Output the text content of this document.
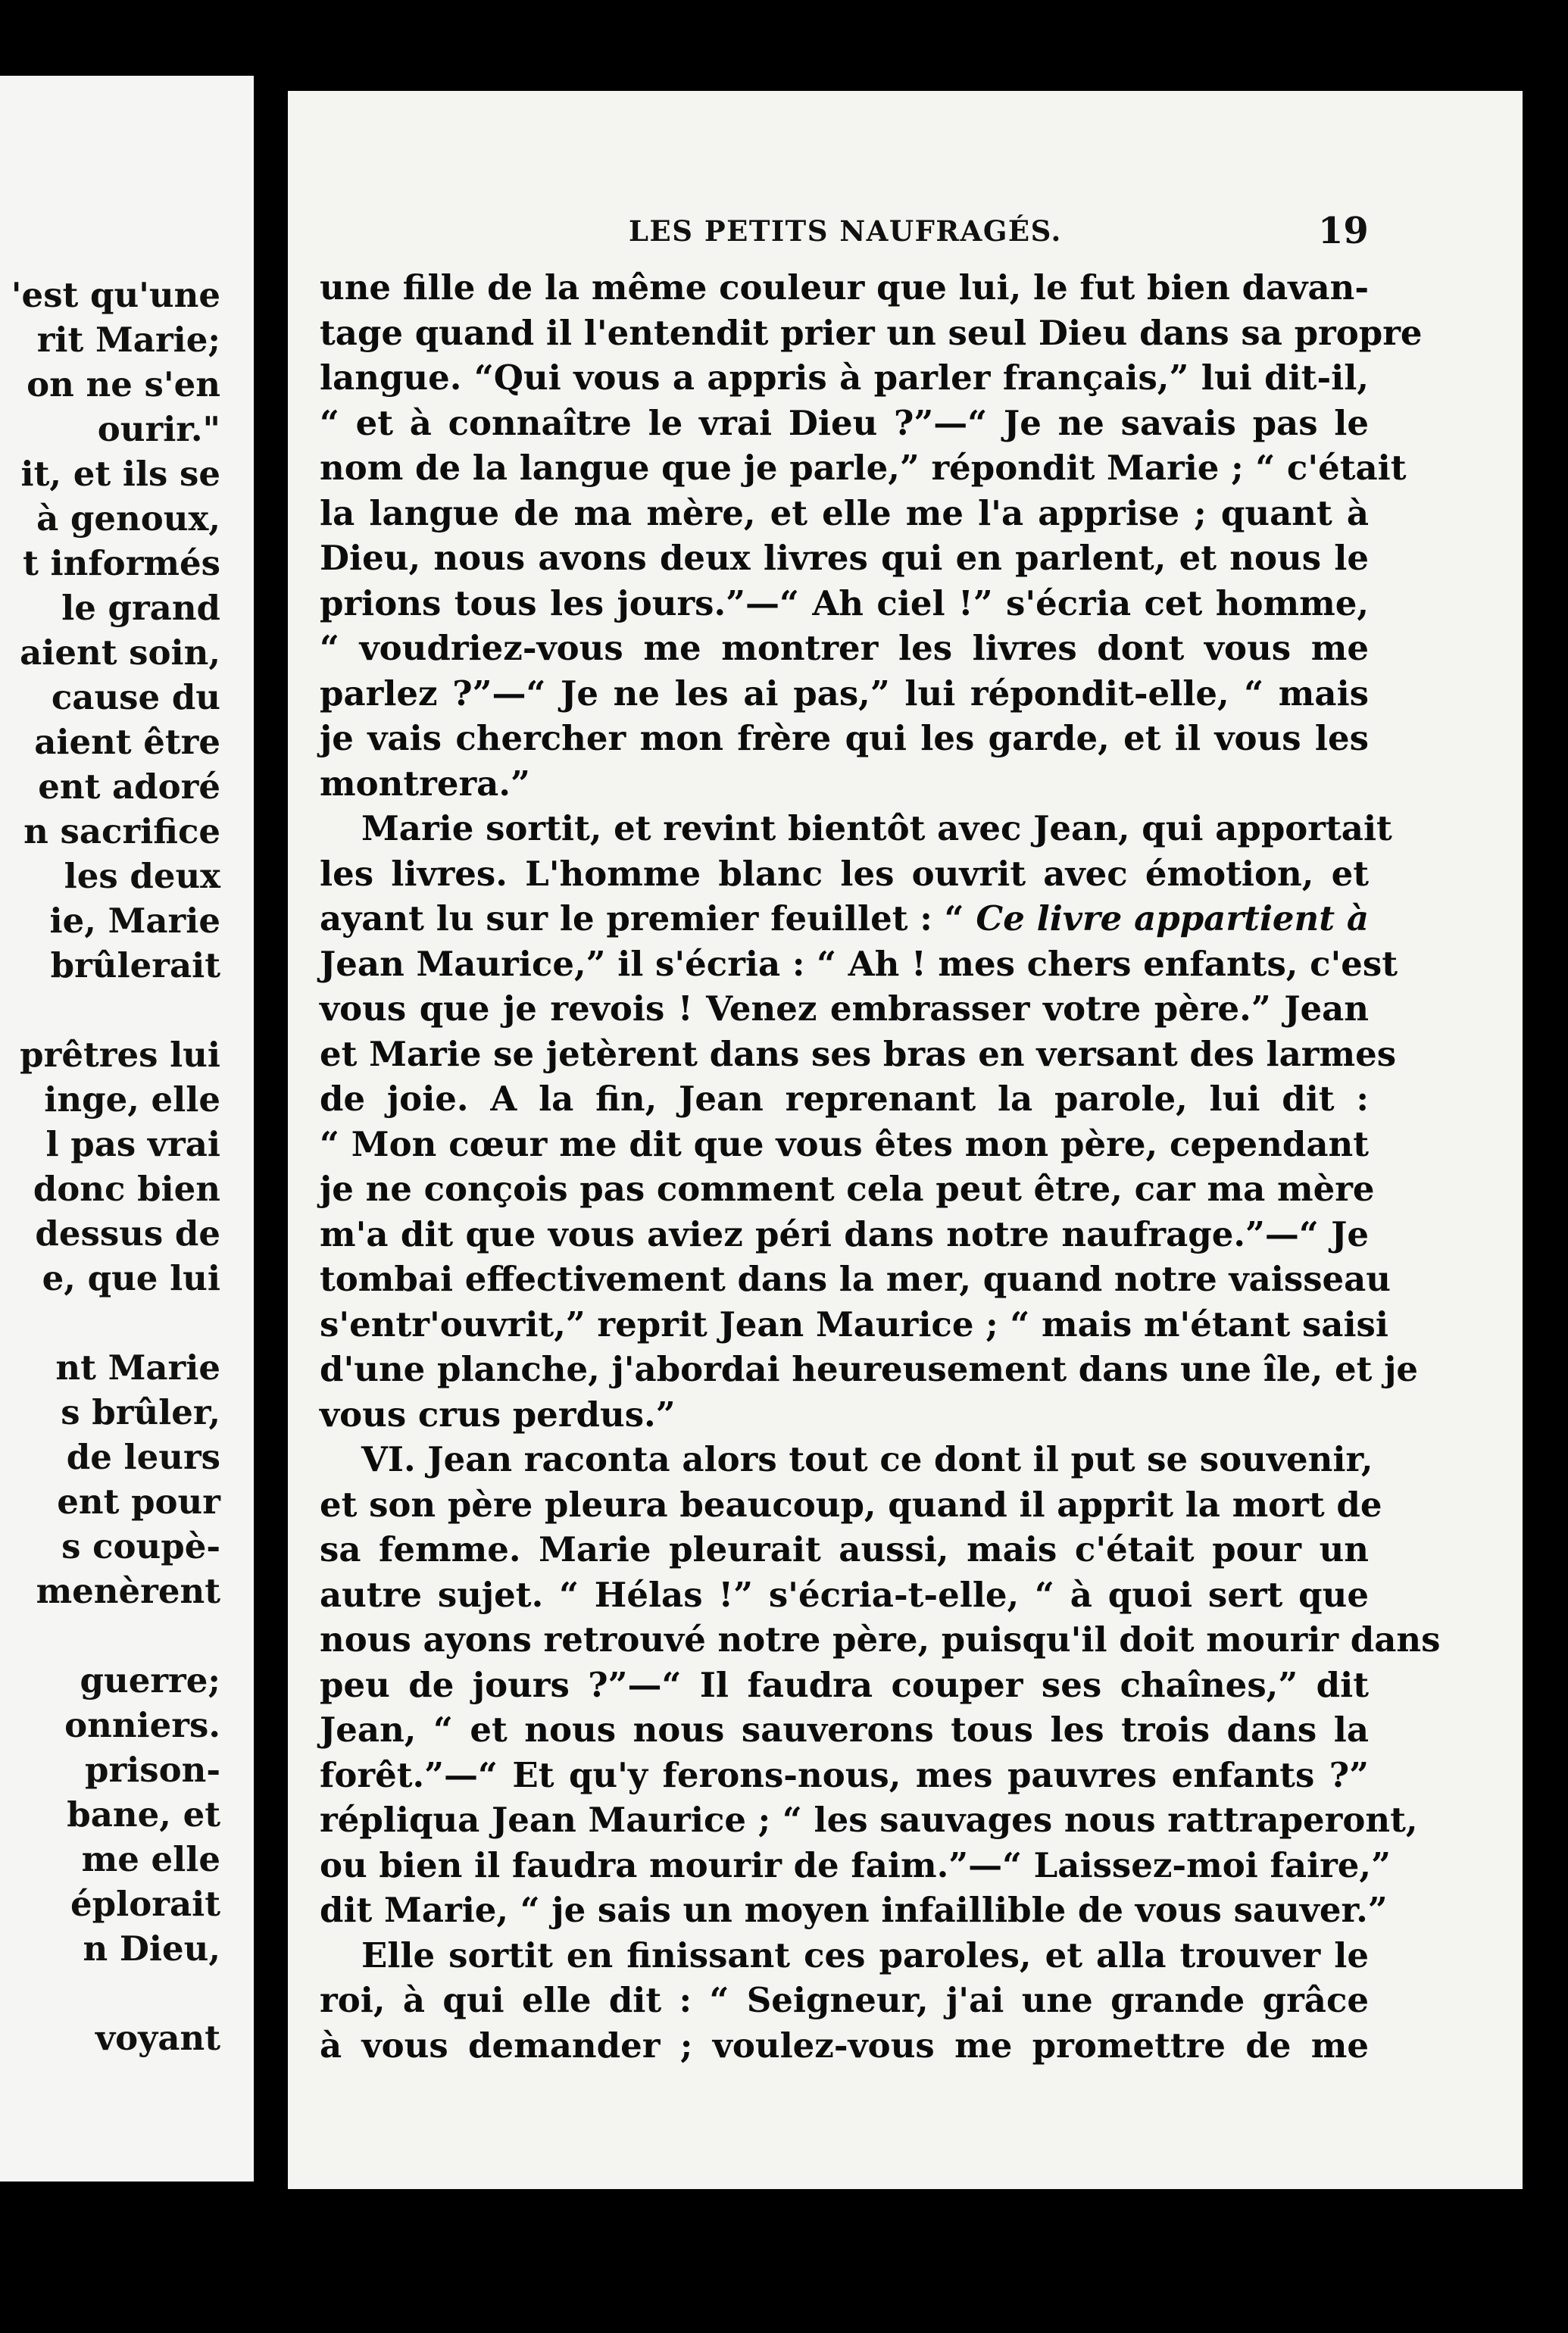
'est qu'une
rit Marie;
on ne s'en
ourir."
it, et ils se
à genoux,
t informés
le grand
aient soin,
cause du
aient être
ent adoré
n sacrifice
les deux
ie, Marie
brûlerait
prêtres lui
inge, elle
l pas vrai
donc bien
dessus de
e, que lui
nt Marie
s brûler,
de leurs
ent pour
s coupè-
menèrent
guerre;
onniers.
prison-
bane, et
me elle
éplorait
n Dieu,
voyant
LES PETITS NAUFRAGÉS.	19
une fille de la même couleur que lui, le fut bien davan-
tage quand il l'entendit prier un seul Dieu dans sa propre
langue. “Qui vous a appris à parler français,” lui dit-il,
“ et à connaître le vrai Dieu ?”—“ Je ne savais pas le
nom de la langue que je parle,” répondit Marie ; “ c'était
la langue de ma mère, et elle me l'a apprise ; quant à
Dieu, nous avons deux livres qui en parlent, et nous le
prions tous les jours.”—“ Ah ciel !” s'écria cet homme,
“ voudriez-vous me montrer les livres dont vous me
parlez ?”—“ Je ne les ai pas,” lui répondit-elle, “ mais
je vais chercher mon frère qui les garde, et il vous les
montrera.”
Marie sortit, et revint bientôt avec Jean, qui apportait
les livres. L'homme blanc les ouvrit avec émotion, et
ayant lu sur le premier feuillet : “ Ce livre appartient à
Jean Maurice,” il s'écria : “ Ah ! mes chers enfants, c'est
vous que je revois ! Venez embrasser votre père.” Jean
et Marie se jetèrent dans ses bras en versant des larmes
de joie. A la fin, Jean reprenant la parole, lui dit :
“ Mon cœur me dit que vous êtes mon père, cependant
je ne conçois pas comment cela peut être, car ma mère
m'a dit que vous aviez péri dans notre naufrage.”—“ Je
tombai effectivement dans la mer, quand notre vaisseau
s'entr'ouvrit,” reprit Jean Maurice ; “ mais m'étant saisi
d'une planche, j'abordai heureusement dans une île, et je
vous crus perdus.”
VI. Jean raconta alors tout ce dont il put se souvenir,
et son père pleura beaucoup, quand il apprit la mort de
sa femme. Marie pleurait aussi, mais c'était pour un
autre sujet. “ Hélas !” s'écria-t-elle, “ à quoi sert que
nous ayons retrouvé notre père, puisqu'il doit mourir dans
peu de jours ?”—“ Il faudra couper ses chaînes,” dit
Jean, “ et nous nous sauverons tous les trois dans la
forêt.”—“ Et qu'y ferons-nous, mes pauvres enfants ?”
répliqua Jean Maurice ; “ les sauvages nous rattraperont,
ou bien il faudra mourir de faim.”—“ Laissez-moi faire,”
dit Marie, “ je sais un moyen infaillible de vous sauver.”
Elle sortit en finissant ces paroles, et alla trouver le
roi, à qui elle dit : “ Seigneur, j'ai une grande grâce
à vous demander ; voulez-vous me promettre de me
